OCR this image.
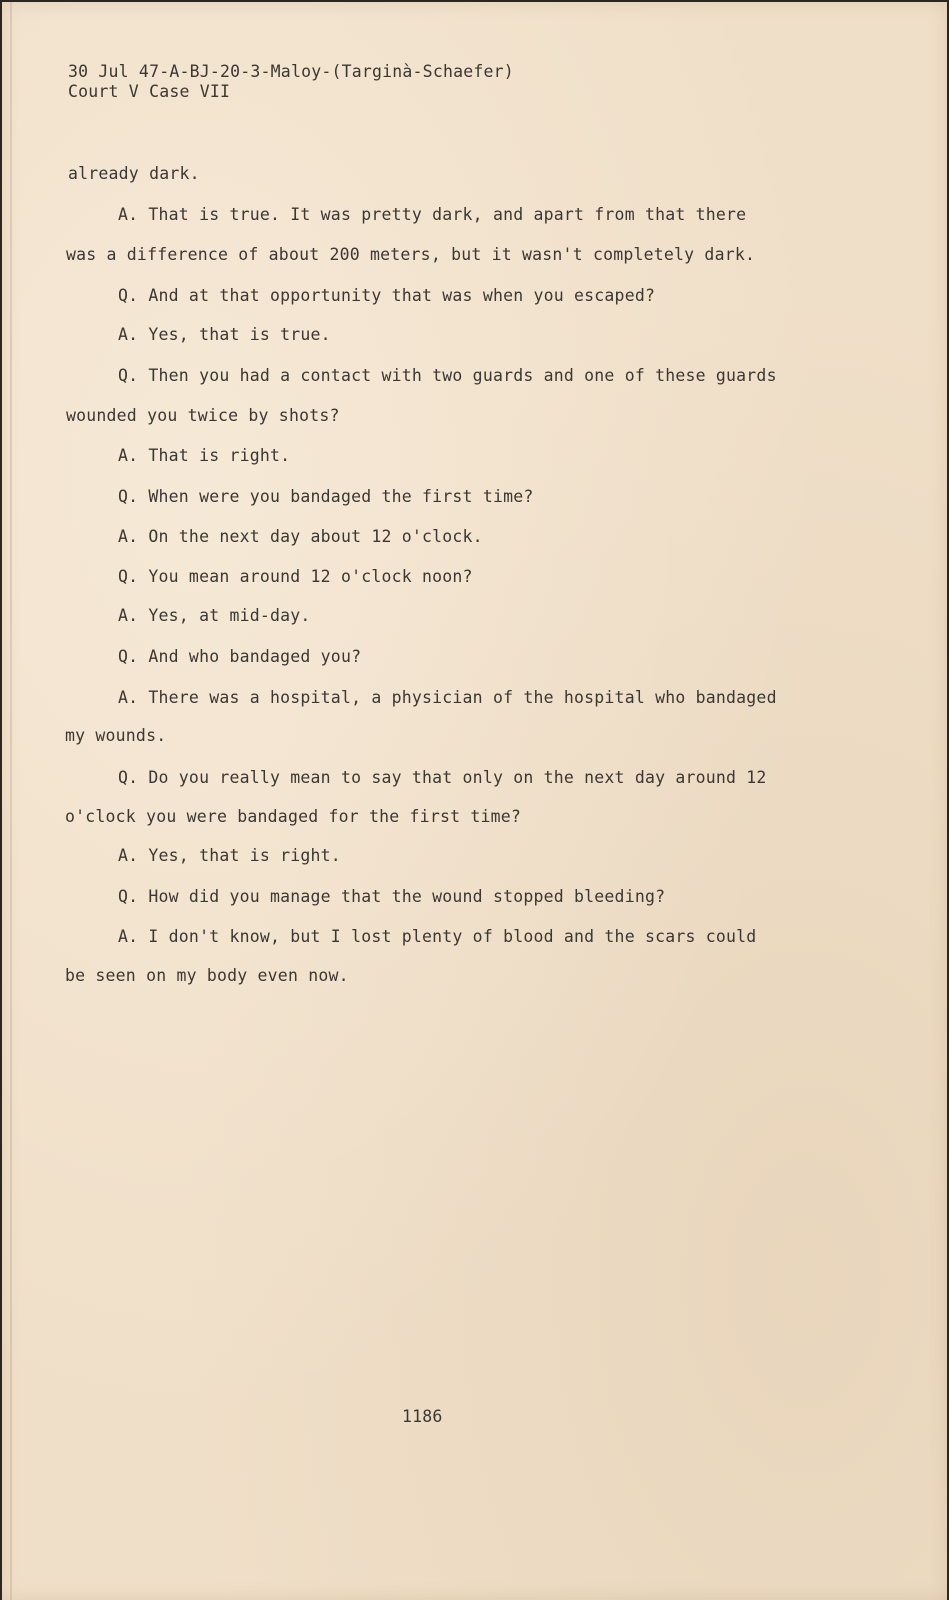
30 Jul 47-A-BJ-20-3-Maloy-(Targinà-Schaefer)
Court V Case VII
already dark.
A. That is true. It was pretty dark, and apart from that there
was a difference of about 200 meters, but it wasn't completely dark.
Q. And at that opportunity that was when you escaped?
A. Yes, that is true.
Q. Then you had a contact with two guards and one of these guards
wounded you twice by shots?
A. That is right.
Q. When were you bandaged the first time?
A. On the next day about 12 o'clock.
Q. You mean around 12 o'clock noon?
A. Yes, at mid-day.
Q. And who bandaged you?
A. There was a hospital, a physician of the hospital who bandaged
my wounds.
Q. Do you really mean to say that only on the next day around 12
o'clock you were bandaged for the first time?
A. Yes, that is right.
Q. How did you manage that the wound stopped bleeding?
A. I don't know, but I lost plenty of blood and the scars could
be seen on my body even now.
1186
